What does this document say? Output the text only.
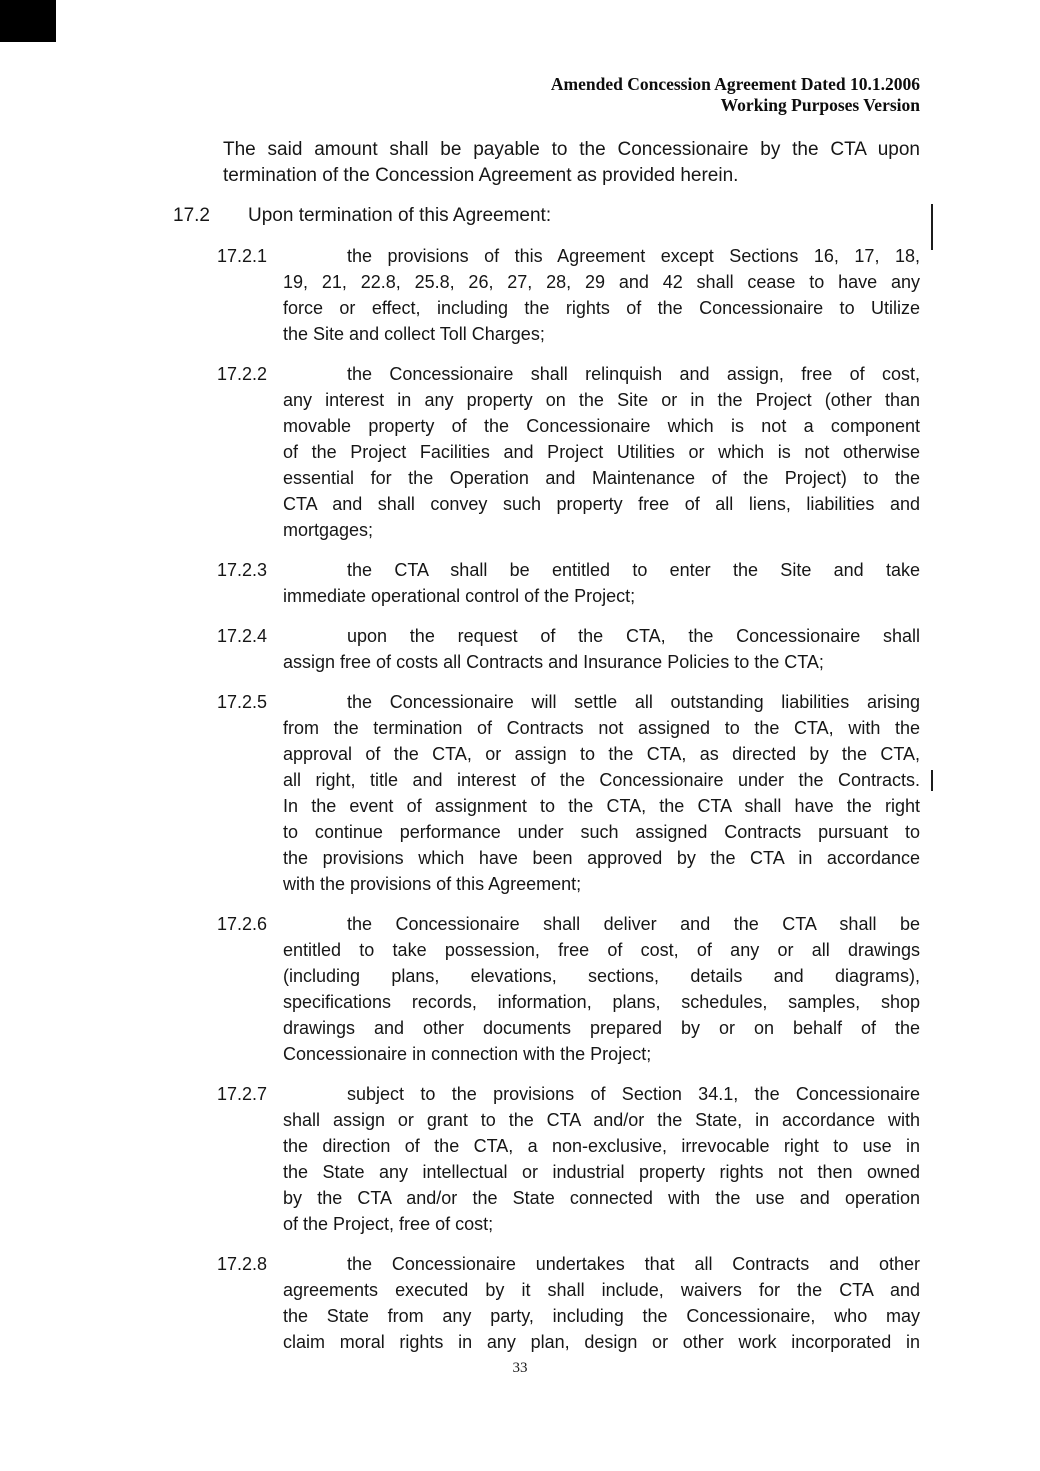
Amended Concession Agreement Dated 10.1.2006
Working Purposes Version
The said amount shall be payable to the Concessionaire by the CTA upon
termination of the Concession Agreement as provided herein.
17.2 Upon termination of this Agreement:
17.2.1	the provisions of this Agreement except Sections 16, 17, 18,
19, 21, 22.8, 25.8, 26, 27, 28, 29 and 42 shall cease to have any
force or effect, including the rights of the Concessionaire to Utilize
the Site and collect Toll Charges;
17.2.2	the Concessionaire shall relinquish and assign, free of cost,
any interest in any property on the Site or in the Project (other than
movable property of the Concessionaire which is not a component
of the Project Facilities and Project Utilities or which is not otherwise
essential for the Operation and Maintenance of the Project) to the
CTA and shall convey such property free of all liens, liabilities and
mortgages;
17.2.3	the CTA shall be entitled to enter the Site and take
immediate operational control of the Project;
17.2.4	upon the request of the CTA, the Concessionaire shall
assign free of costs all Contracts and Insurance Policies to the CTA;
17.2.5	the Concessionaire will settle all outstanding liabilities arising
from the termination of Contracts not assigned to the CTA, with the
approval of the CTA, or assign to the CTA, as directed by the CTA,
all right, title and interest of the Concessionaire under the Contracts.
In the event of assignment to the CTA, the CTA shall have the right
to continue performance under such assigned Contracts pursuant to
the provisions which have been approved by the CTA in accordance
with the provisions of this Agreement;
17.2.6	the Concessionaire shall deliver and the CTA shall be
entitled to take possession, free of cost, of any or all drawings
(including plans, elevations, sections, details and diagrams),
specifications records, information, plans, schedules, samples, shop
drawings and other documents prepared by or on behalf of the
Concessionaire in connection with the Project;
17.2.7	subject to the provisions of Section 34.1, the Concessionaire
shall assign or grant to the CTA and/or the State, in accordance with
the direction of the CTA, a non-exclusive, irrevocable right to use in
the State any intellectual or industrial property rights not then owned
by the CTA and/or the State connected with the use and operation
of the Project, free of cost;
17.2.8	the Concessionaire undertakes that all Contracts and other
agreements executed by it shall include, waivers for the CTA and
the State from any party, including the Concessionaire, who may
claim moral rights in any plan, design or other work incorporated in
33
